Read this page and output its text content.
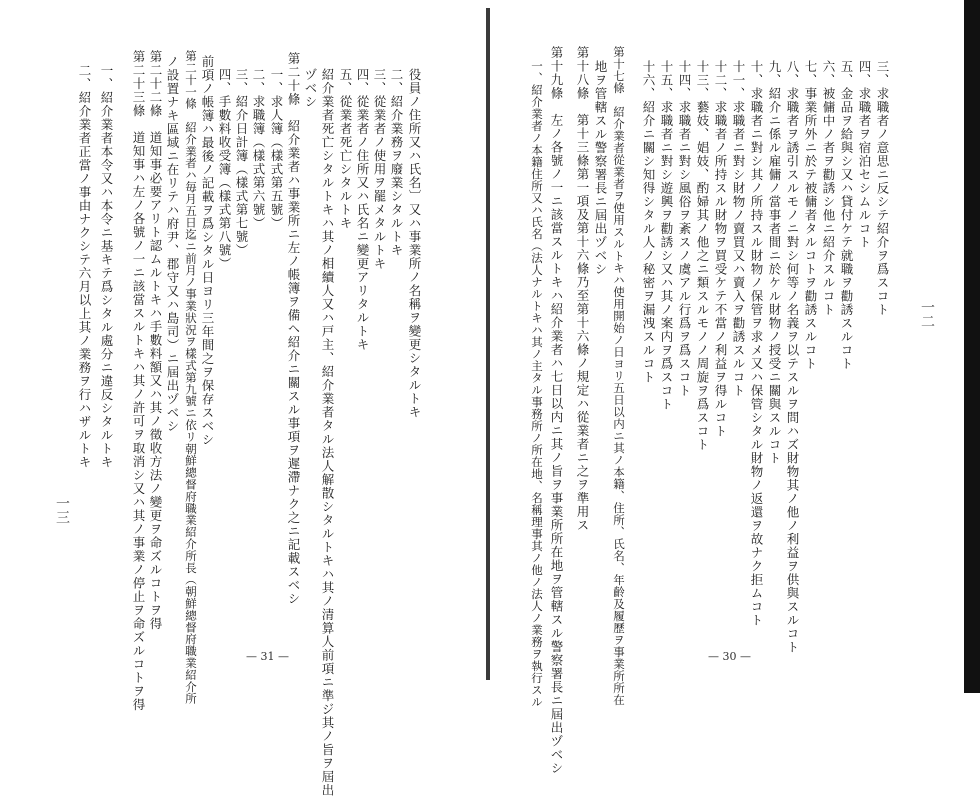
役員ノ住所又ハ氏名〕又ハ事業所ノ名稱ヲ變更シタルトキ
二、紹介業務ヲ廢業シタルトキ
三、從業者ノ使用ヲ罷メタルトキ
四、從業者ノ住所又ハ氏名ニ變更アリタルトキ
五、從業者死亡シタルトキ
紹介業者死亡シタルトキハ其ノ相續人又ハ戸主、紹介業者タル法人解散シタルトキハ其ノ清算人前項ニ準ジ其ノ旨ヲ屆出
ヅベシ
第二十條　紹介業者ハ事業所ニ左ノ帳簿ヲ備ヘ紹介ニ關スル事項ヲ遲滯ナク之ニ記載スベシ
一、求人簿（樣式第五號）
二、求職簿（樣式第六號）
三、紹介日計簿（樣式第七號）
四、手數料收受簿（樣式第八號）
前項ノ帳簿ハ最後ノ記載ヲ爲シタル日ヨリ三年間之ヲ保存スベシ
第二十一條　紹介業者ハ毎月五日迄ニ前月ノ事業狀況ヲ樣式第九號ニ依リ朝鮮總督府職業紹介所長（朝鮮總督府職業紹介所
ノ設置ナキ區域ニ在リテハ府尹、郡守又ハ島司）ニ屆出ヅベシ
第二十二條　道知事必要アリト認ムルトキハ手數料額又ハ其ノ徵收方法ノ變更ヲ命ズルコトヲ得
第二十三條　道知事ハ左ノ各號ノ一ニ該當スルトキハ其ノ許可ヲ取消シ又ハ其ノ事業ノ停止ヲ命ズルコトヲ得
一、紹介業者本令又ハ本令ニ基キテ爲シタル處分ニ違反シタルトキ
二、紹介業者正當ノ事由ナクシテ六月以上其ノ業務ヲ行ハザルトキ
一三
— 31 —
三、求職者ノ意思ニ反シテ紹介ヲ爲スコト
四、求職者ヲ宿泊セシムルコト
五、金品ヲ給與シ又ハ貸付ケテ就職ヲ勸誘スルコト
六、被傭中ノ者ヲ勸誘シ他ニ紹介スルコト
七、事業所外ニ於テ被傭者タルコトヲ勸誘スルコト
八、求職者ヲ誘引スルモノニ對シ何等ノ名義ヲ以テスルヲ問ハズ財物其ノ他ノ利益ヲ供與スルコト
九、紹介ニ係ル雇傭ノ當事者間ニ於ケル財物ノ授受ニ關與スルコト
十、求職者ニ對シ其ノ所持スル財物ノ保管ヲ求メ又ハ保管シタル財物ノ返還ヲ故ナク拒ムコト
十一、求職者ニ對シ財物ノ賣買又ハ賣入ヲ勸誘スルコト
十二、求職者ノ所持スル財物ヲ買受ケテ不當ノ利益ヲ得ルコト
十三、藝妓、娼妓、酌婦其ノ他之ニ類スルモノノ周旋ヲ爲スコト
十四、求職者ニ對シ風俗ヲ紊スノ虞アル行爲ヲ爲スコト
十五、求職者ニ對シ遊興ヲ勸誘シ又ハ其ノ案内ヲ爲スコト
十六、紹介ニ關シ知得シタル人ノ秘密ヲ漏洩スルコト
第十七條　紹介業者從業者ヲ使用スルトキハ使用開始ノ日ヨリ五日以内ニ其ノ本籍、住所、氏名、年齡及履歷ヲ事業所所在
地ヲ管轄スル警察署長ニ屆出ヅベシ
第十八條　第十三條第一項及第十六條乃至第十六條ノ規定ハ從業者ニ之ヲ準用ス
第十九條　左ノ各號ノ一ニ該當スルトキハ紹介業者ハ七日以内ニ其ノ旨ヲ事業所所在地ヲ管轄スル警察署長ニ屆出ヅベシ
一、紹介業者ノ本籍住所又ハ氏名（法人ナルトキハ其ノ主タル事務所ノ所在地、名稱理事其ノ他ノ法人ノ業務ヲ執行スル	一二
— 30 —
